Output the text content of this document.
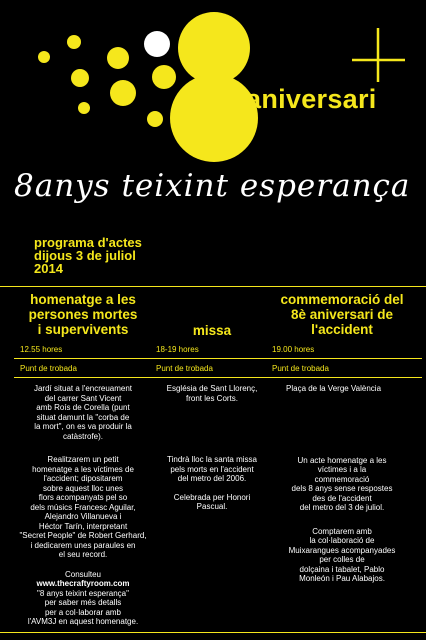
aniversari
8anys teixint esperança
programa d'actes
dijous 3 de juliol
2014
homenatge a les
persones mortes
i supervivents
12.55 hores
Punt de trobada
Jardí situat a l'encreuament
del carrer Sant Vicent
amb Roís de Corella (punt
situat damunt la "corba de
la mort", on es va produir la
catàstrofe).
Realitzarem un petit
homenatge a les víctimes de
l'accident; dipositarem
sobre aquest lloc unes
flors acompanyats pel so
dels músics Francesc Aguilar,
Alejandro Villanueva i
Héctor Tarín, interpretant
"Secret People" de Robert Gerhard,
i dedicarem unes paraules en
el seu record.
Consulteu
www.thecraftyroom.com
"8 anys teixint esperança"
per saber més detalls
per a col·laborar amb
l'AVM3J en aquest homenatge.
missa
18-19 hores
Punt de trobada
Església de Sant Llorenç,
front les Corts.
Tindrà lloc la santa missa
pels morts en l'accident
del metro del 2006.
Celebrada per Honori
Pascual.
commemoració del
8è aniversari de
l'accident
19.00 hores
Punt de trobada
Plaça de la Verge València
Un acte homenatge a les
víctimes i a la
commemoració
dels 8 anys sense respostes
des de l'accident
del metro del 3 de juliol.
Comptarem amb
la col·laboració de
Muixarangues acompanyades
per colles de
dolçaina i tabalet, Pablo
Monleón i Pau Alabajos.
